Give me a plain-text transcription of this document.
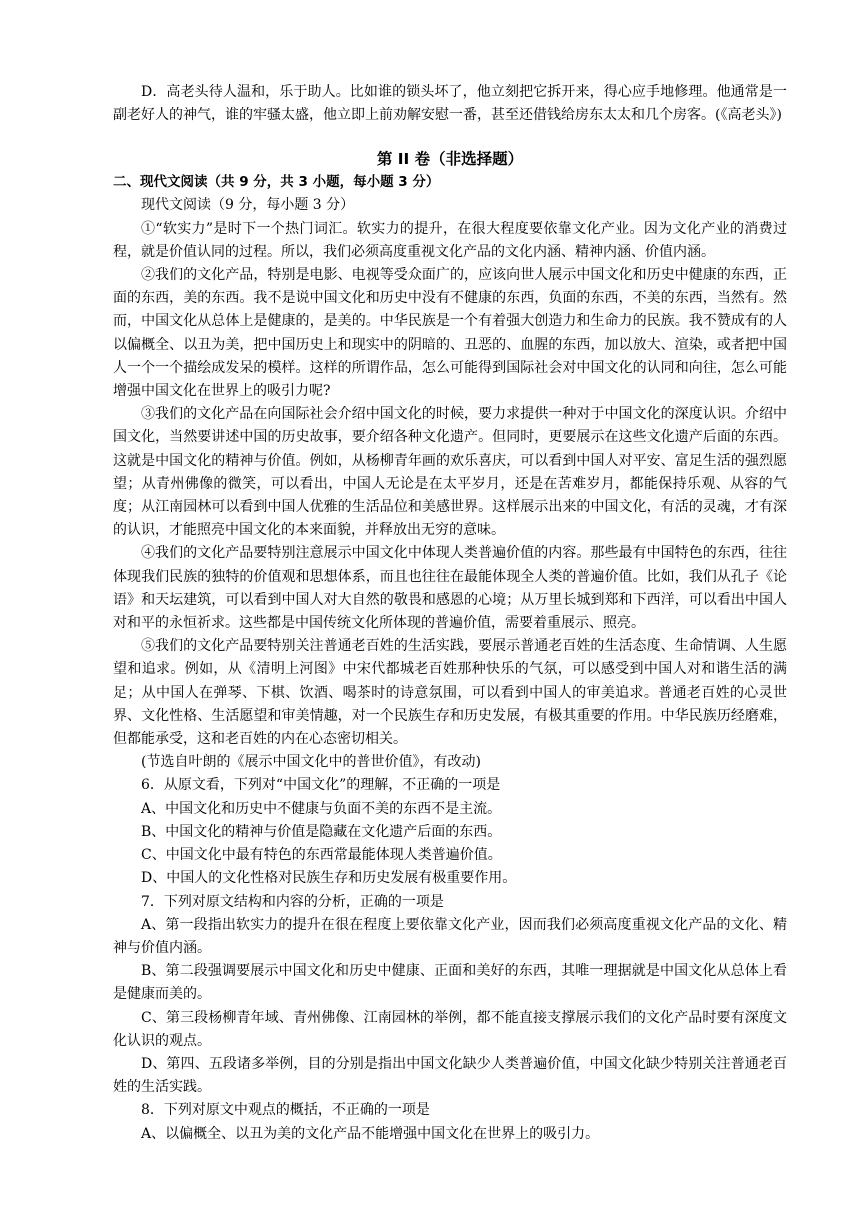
D．高老头待人温和，乐于助人。比如谁的锁头坏了，他立刻把它拆开来，得心应手地修理。他通常是一副老好人的神气，谁的牢骚太盛，他立即上前劝解安慰一番，甚至还借钱给房东太太和几个房客。(《高老头》)

第 II 卷（非选择题）

二、现代文阅读（共 9 分，共 3 小题，每小题 3 分）

现代文阅读（9 分，每小题 3 分）

①“软实力”是时下一个热门词汇。软实力的提升，在很大程度要依靠文化产业。因为文化产业的消费过程，就是价值认同的过程。所以，我们必须高度重视文化产品的文化内涵、精神内涵、价值内涵。

②我们的文化产品，特别是电影、电视等受众面广的，应该向世人展示中国文化和历史中健康的东西，正面的东西，美的东西。我不是说中国文化和历史中没有不健康的东西，负面的东西，不美的东西，当然有。然而，中国文化从总体上是健康的，是美的。中华民族是一个有着强大创造力和生命力的民族。我不赞成有的人以偏概全、以丑为美，把中国历史上和现实中的阴暗的、丑恶的、血腥的东西，加以放大、渲染，或者把中国人一个一个描绘成发呆的模样。这样的所谓作品，怎么可能得到国际社会对中国文化的认同和向往，怎么可能增强中国文化在世界上的吸引力呢?

③我们的文化产品在向国际社会介绍中国文化的时候，要力求提供一种对于中国文化的深度认识。介绍中国文化，当然要讲述中国的历史故事，要介绍各种文化遗产。但同时，更要展示在这些文化遗产后面的东西。这就是中国文化的精神与价值。例如，从杨柳青年画的欢乐喜庆，可以看到中国人对平安、富足生活的强烈愿望；从青州佛像的微笑，可以看出，中国人无论是在太平岁月，还是在苦难岁月，都能保持乐观、从容的气度；从江南园林可以看到中国人优雅的生活品位和美感世界。这样展示出来的中国文化，有活的灵魂，才有深的认识，才能照亮中国文化的本来面貌，并释放出无穷的意味。

④我们的文化产品要特别注意展示中国文化中体现人类普遍价值的内容。那些最有中国特色的东西，往往体现我们民族的独特的价值观和思想体系，而且也往往在最能体现全人类的普遍价值。比如，我们从孔子《论语》和天坛建筑，可以看到中国人对大自然的敬畏和感恩的心境；从万里长城到郑和下西洋，可以看出中国人对和平的永恒祈求。这些都是中国传统文化所体现的普遍价值，需要着重展示、照亮。

⑤我们的文化产品要特别关注普通老百姓的生活实践，要展示普通老百姓的生活态度、生命情调、人生愿望和追求。例如，从《清明上河图》中宋代都城老百姓那种快乐的气氛，可以感受到中国人对和谐生活的满足；从中国人在弹琴、下棋、饮酒、喝茶时的诗意氛围，可以看到中国人的审美追求。普通老百姓的心灵世界、文化性格、生活愿望和审美情趣，对一个民族生存和历史发展，有极其重要的作用。中华民族历经磨难，但都能承受，这和老百姓的内在心态密切相关。

(节选自叶朗的《展示中国文化中的普世价值》，有改动)

6．从原文看，下列对“中国文化”的理解，不正确的一项是

A、中国文化和历史中不健康与负面不美的东西不是主流。

B、中国文化的精神与价值是隐藏在文化遗产后面的东西。

C、中国文化中最有特色的东西常最能体现人类普遍价值。

D、中国人的文化性格对民族生存和历史发展有极重要作用。

7．下列对原文结构和内容的分析，正确的一项是

A、第一段指出软实力的提升在很在程度上要依靠文化产业，因而我们必须高度重视文化产品的文化、精神与价值内涵。

B、第二段强调要展示中国文化和历史中健康、正面和美好的东西，其唯一理据就是中国文化从总体上看是健康而美的。

C、第三段杨柳青年域、青州佛像、江南园林的举例，都不能直接支撑展示我们的文化产品时要有深度文化认识的观点。

D、第四、五段诸多举例，目的分别是指出中国文化缺少人类普遍价值，中国文化缺少特别关注普通老百姓的生活实践。

8．下列对原文中观点的概括，不正确的一项是

A、以偏概全、以丑为美的文化产品不能增强中国文化在世界上的吸引力。
